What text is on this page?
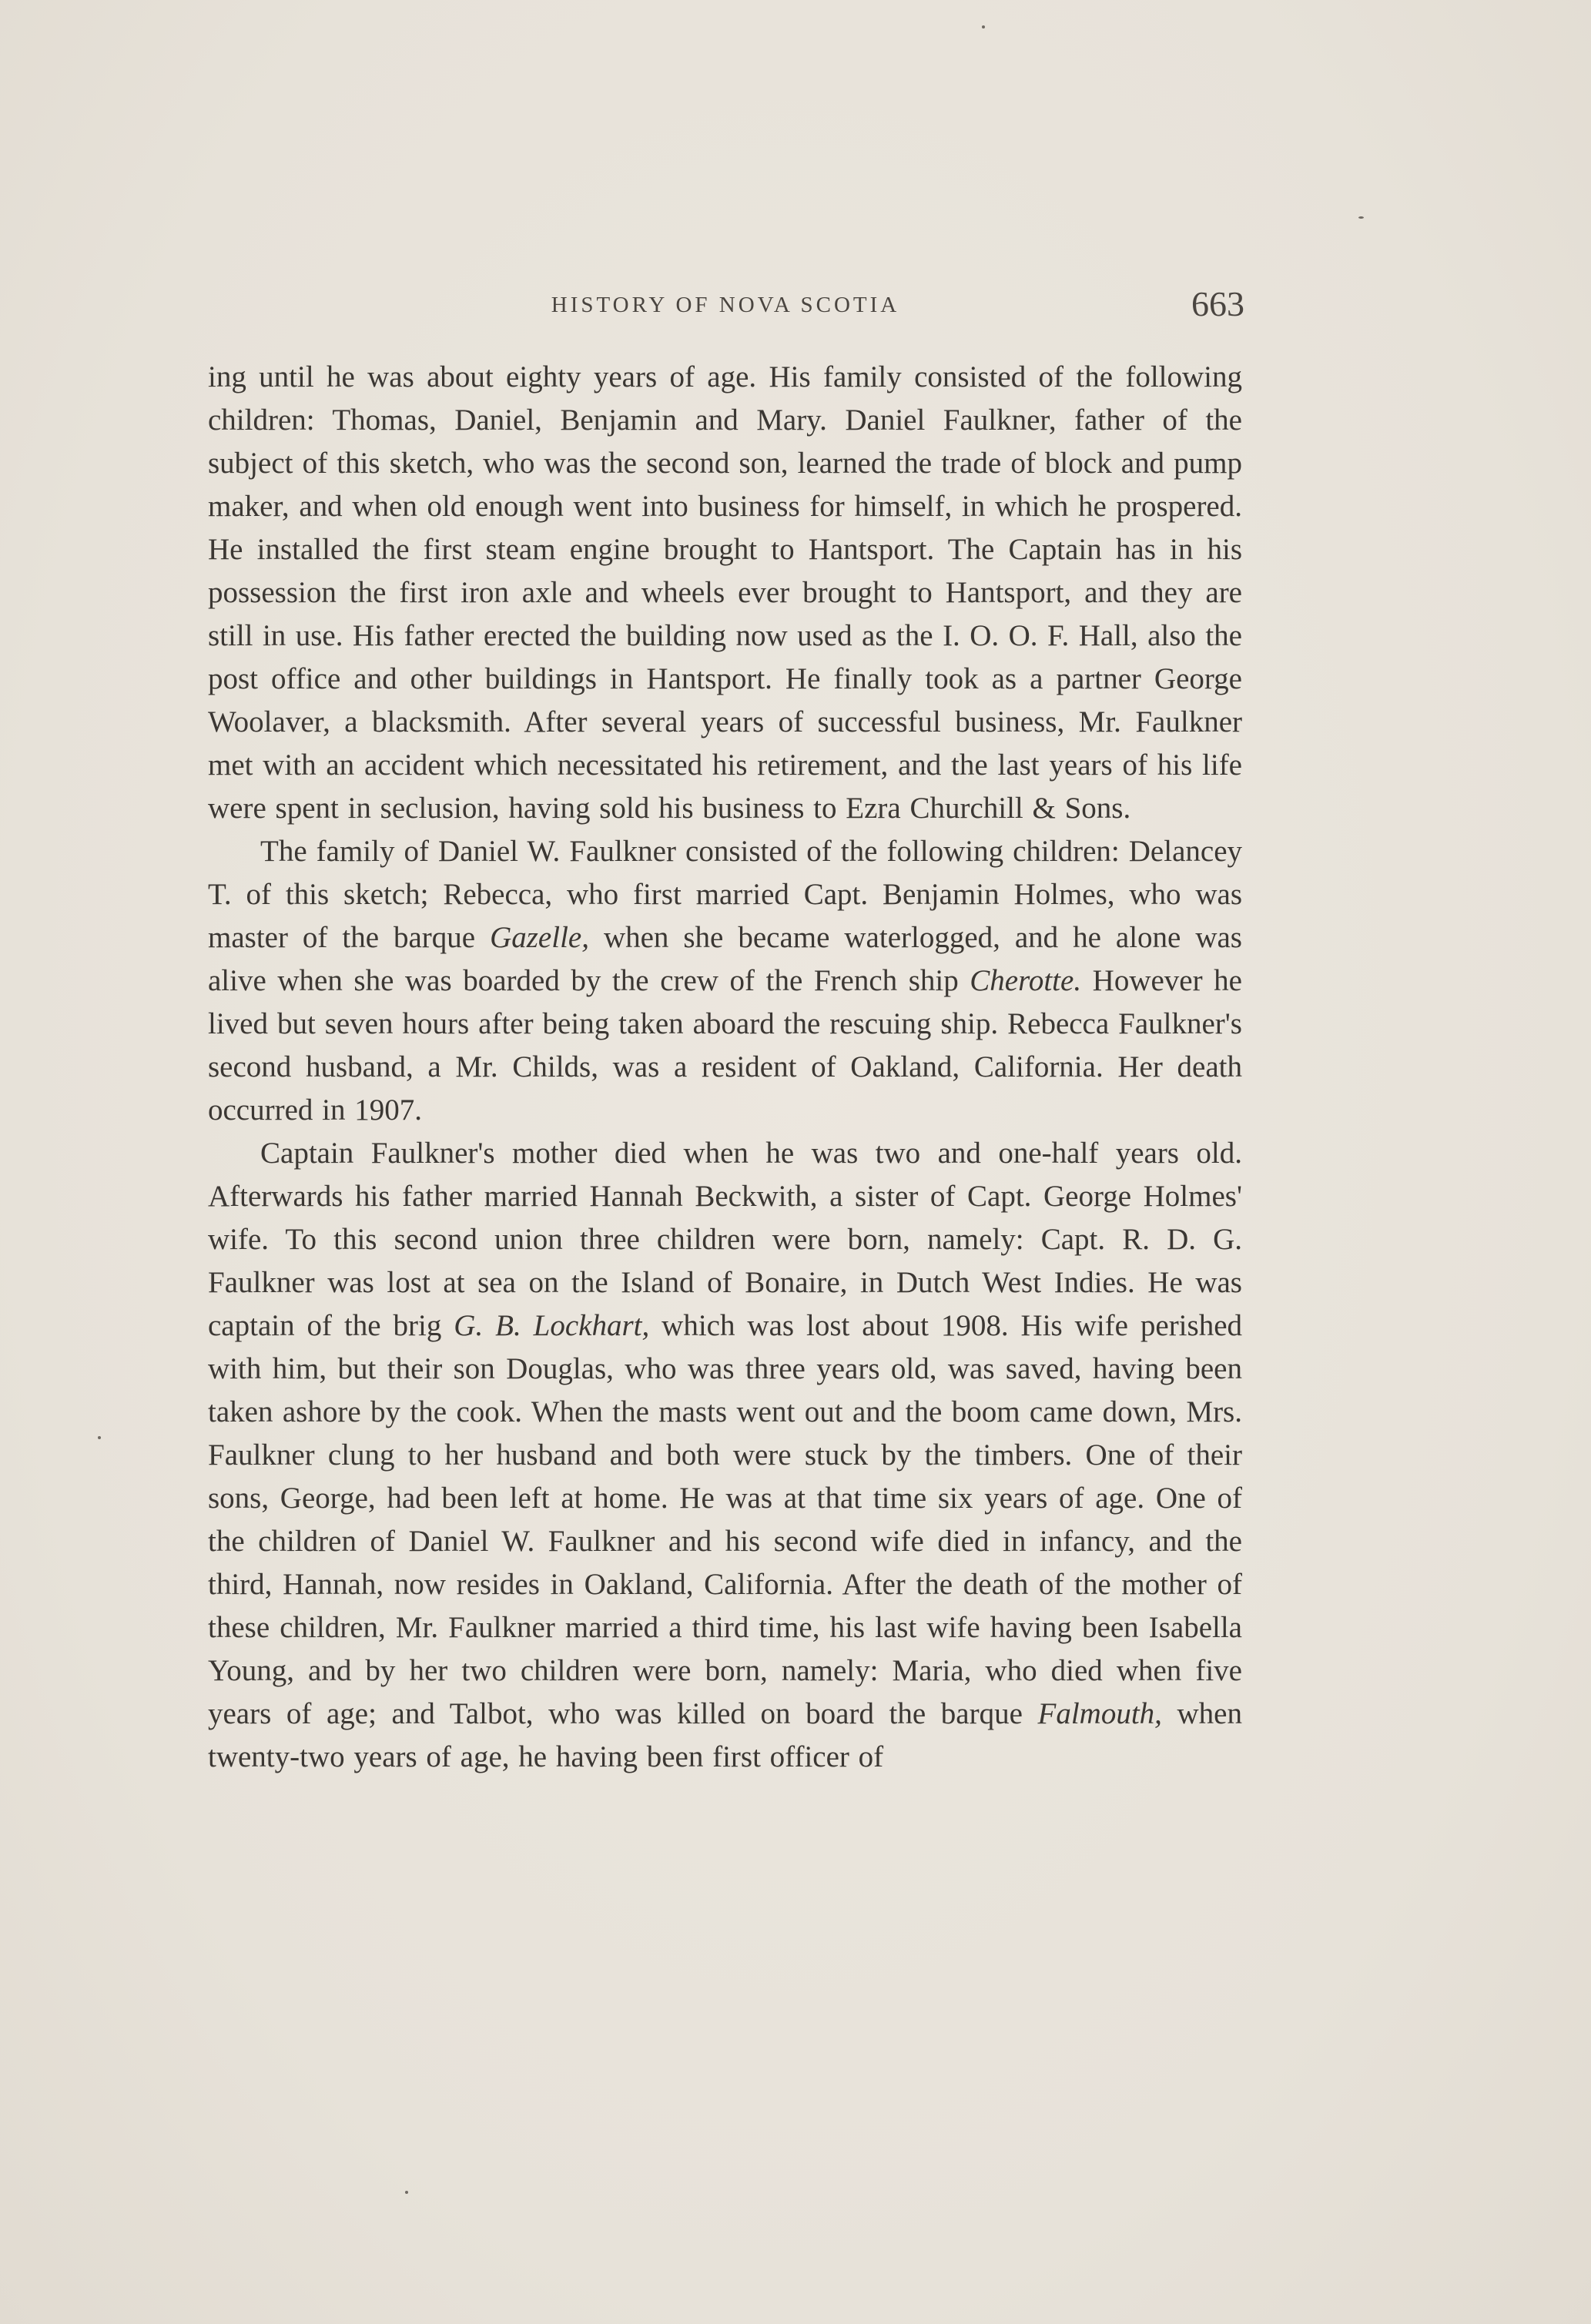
HISTORY OF NOVA SCOTIA	663

ing until he was about eighty years of age. His family consisted of the following children: Thomas, Daniel, Benjamin and Mary. Daniel Faulkner, father of the subject of this sketch, who was the second son, learned the trade of block and pump maker, and when old enough went into business for himself, in which he prospered. He installed the first steam engine brought to Hantsport. The Captain has in his possession the first iron axle and wheels ever brought to Hantsport, and they are still in use. His father erected the building now used as the I. O. O. F. Hall, also the post office and other buildings in Hantsport. He finally took as a partner George Woolaver, a blacksmith. After several years of successful business, Mr. Faulkner met with an accident which necessitated his retirement, and the last years of his life were spent in seclusion, having sold his business to Ezra Churchill & Sons.

The family of Daniel W. Faulkner consisted of the following children: Delancey T. of this sketch; Rebecca, who first married Capt. Benjamin Holmes, who was master of the barque Gazelle, when she became waterlogged, and he alone was alive when she was boarded by the crew of the French ship Cherotte. However he lived but seven hours after being taken aboard the rescuing ship. Rebecca Faulkner's second husband, a Mr. Childs, was a resident of Oakland, California. Her death occurred in 1907.

Captain Faulkner's mother died when he was two and one-half years old. Afterwards his father married Hannah Beckwith, a sister of Capt. George Holmes' wife. To this second union three children were born, namely: Capt. R. D. G. Faulkner was lost at sea on the Island of Bonaire, in Dutch West Indies. He was captain of the brig G. B. Lockhart, which was lost about 1908. His wife perished with him, but their son Douglas, who was three years old, was saved, having been taken ashore by the cook. When the masts went out and the boom came down, Mrs. Faulkner clung to her husband and both were stuck by the timbers. One of their sons, George, had been left at home. He was at that time six years of age. One of the children of Daniel W. Faulkner and his second wife died in infancy, and the third, Hannah, now resides in Oakland, California. After the death of the mother of these children, Mr. Faulkner married a third time, his last wife having been Isabella Young, and by her two children were born, namely: Maria, who died when five years of age; and Talbot, who was killed on board the barque Falmouth, when twenty-two years of age, he having been first officer of
